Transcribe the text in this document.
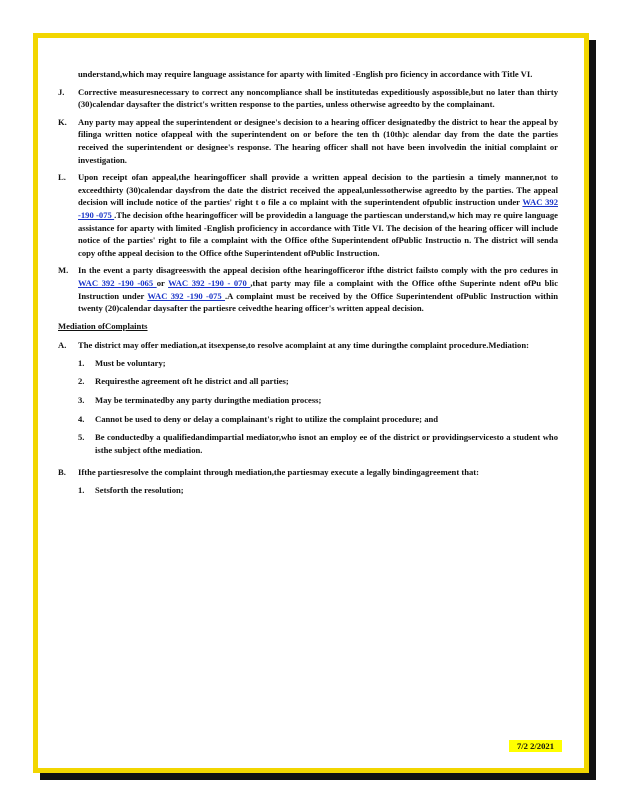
understand,which may require language assistance for aparty with limited -English pro ficiency in accordance with Title VI.
J. Corrective measuresnecessary to correct any noncompliance shall be institutedas expeditiously aspossible,but no later than thirty (30)calendar daysafter the district's written response to the parties, unless otherwise agreedto by the complainant.
K. Any party may appeal the superintendent or designee's decision to a hearing officer designatedby the district to hear the appeal by filinga written notice ofappeal with the superintendent on or before the ten th (10th)c alendar day from the date the parties received the superintendent or designee's response. The hearing officer shall not have been involvedin the initial complaint or investigation.
L. Upon receipt ofan appeal,the hearingofficer shall provide a written appeal decision to the partiesin a timely manner,not to exceedthirty (30)calendar daysfrom the date the district received the appeal,unlessotherwise agreedto by the parties. The appeal decision will include notice of the parties' right t o file a co mplaint with the superintendent ofpublic instruction under WAC 392 -190 -075 .The decision ofthe hearingofficer will be providedin a language the partiescan understand,w hich may re quire language assistance for aparty with limited -English proficiency in accordance with Title VI. The decision of the hearing officer will include notice of the parties' right to file a complaint with the Office ofthe Superintendent ofPublic Instructio n. The district will senda copy ofthe appeal decision to the Office ofthe Superintendent ofPublic Instruction.
M. In the event a party disagreeswith the appeal decision ofthe hearingofficeror ifthe district failsto comply with the pro cedures in WAC 392 -190 -065 or WAC 392 -190 - 070 ,that party may file a complaint with the Office ofthe Superinte ndent ofPu blic Instruction under WAC 392 -190 -075 .A complaint must be received by the Office Superintendent ofPublic Instruction within twenty (20)calendar daysafter the partiesre ceivedthe hearing officer's written appeal decision.
Mediation ofComplaints
A. The district may offer mediation,at itsexpense,to resolve acomplaint at any time duringthe complaint procedure.Mediation:
1. Must be voluntary;
2. Requiresthe agreement oft he district and all parties;
3. May be terminatedby any party duringthe mediation process;
4. Cannot be used to deny or delay a complainant's right to utilize the complaint procedure; and
5. Be conductedby a qualifiedandimpartial mediator,who isnot an employ ee of the district or providingservicesto a student who isthe subject ofthe mediation.
B. Ifthe partiesresolve the complaint through mediation,the partiesmay execute a legally bindingagreement that:
1. Setsforth the resolution;
7/2 2/2021
